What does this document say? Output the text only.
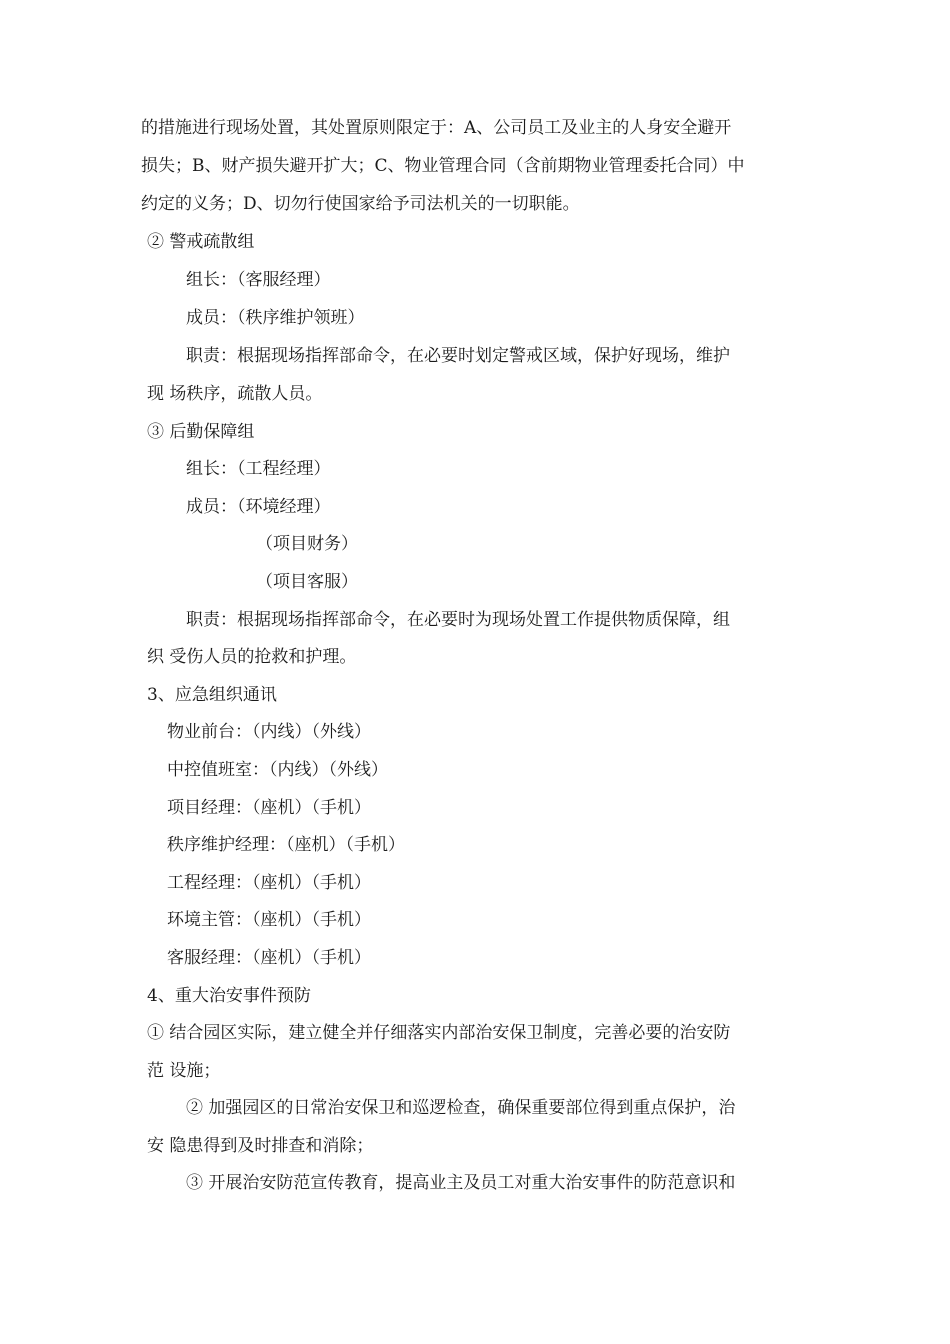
的措施进行现场处置，其处置原则限定于：A、公司员工及业主的人身安全避开
损失；B、财产损失避开扩大；C、物业管理合同（含前期物业管理委托合同）中
约定的义务；D、切勿行使国家给予司法机关的一切职能。
② 警戒疏散组
组长：（客服经理）
成员：（秩序维护领班）
职责：根据现场指挥部命令，在必要时划定警戒区域，保护好现场，维护
现 场秩序，疏散人员。
③ 后勤保障组
组长：（工程经理）
成员：（环境经理）
（项目财务）
（项目客服）
职责：根据现场指挥部命令，在必要时为现场处置工作提供物质保障，组
织 受伤人员的抢救和护理。
3、应急组织通讯
物业前台：（内线）（外线）
中控值班室：（内线）（外线）
项目经理：（座机）（手机）
秩序维护经理：（座机）（手机）
工程经理：（座机）（手机）
环境主管：（座机）（手机）
客服经理：（座机）（手机）
4、重大治安事件预防
① 结合园区实际，建立健全并仔细落实内部治安保卫制度，完善必要的治安防
范 设施；
② 加强园区的日常治安保卫和巡逻检查，确保重要部位得到重点保护，治
安 隐患得到及时排查和消除；
③ 开展治安防范宣传教育，提高业主及员工对重大治安事件的防范意识和
